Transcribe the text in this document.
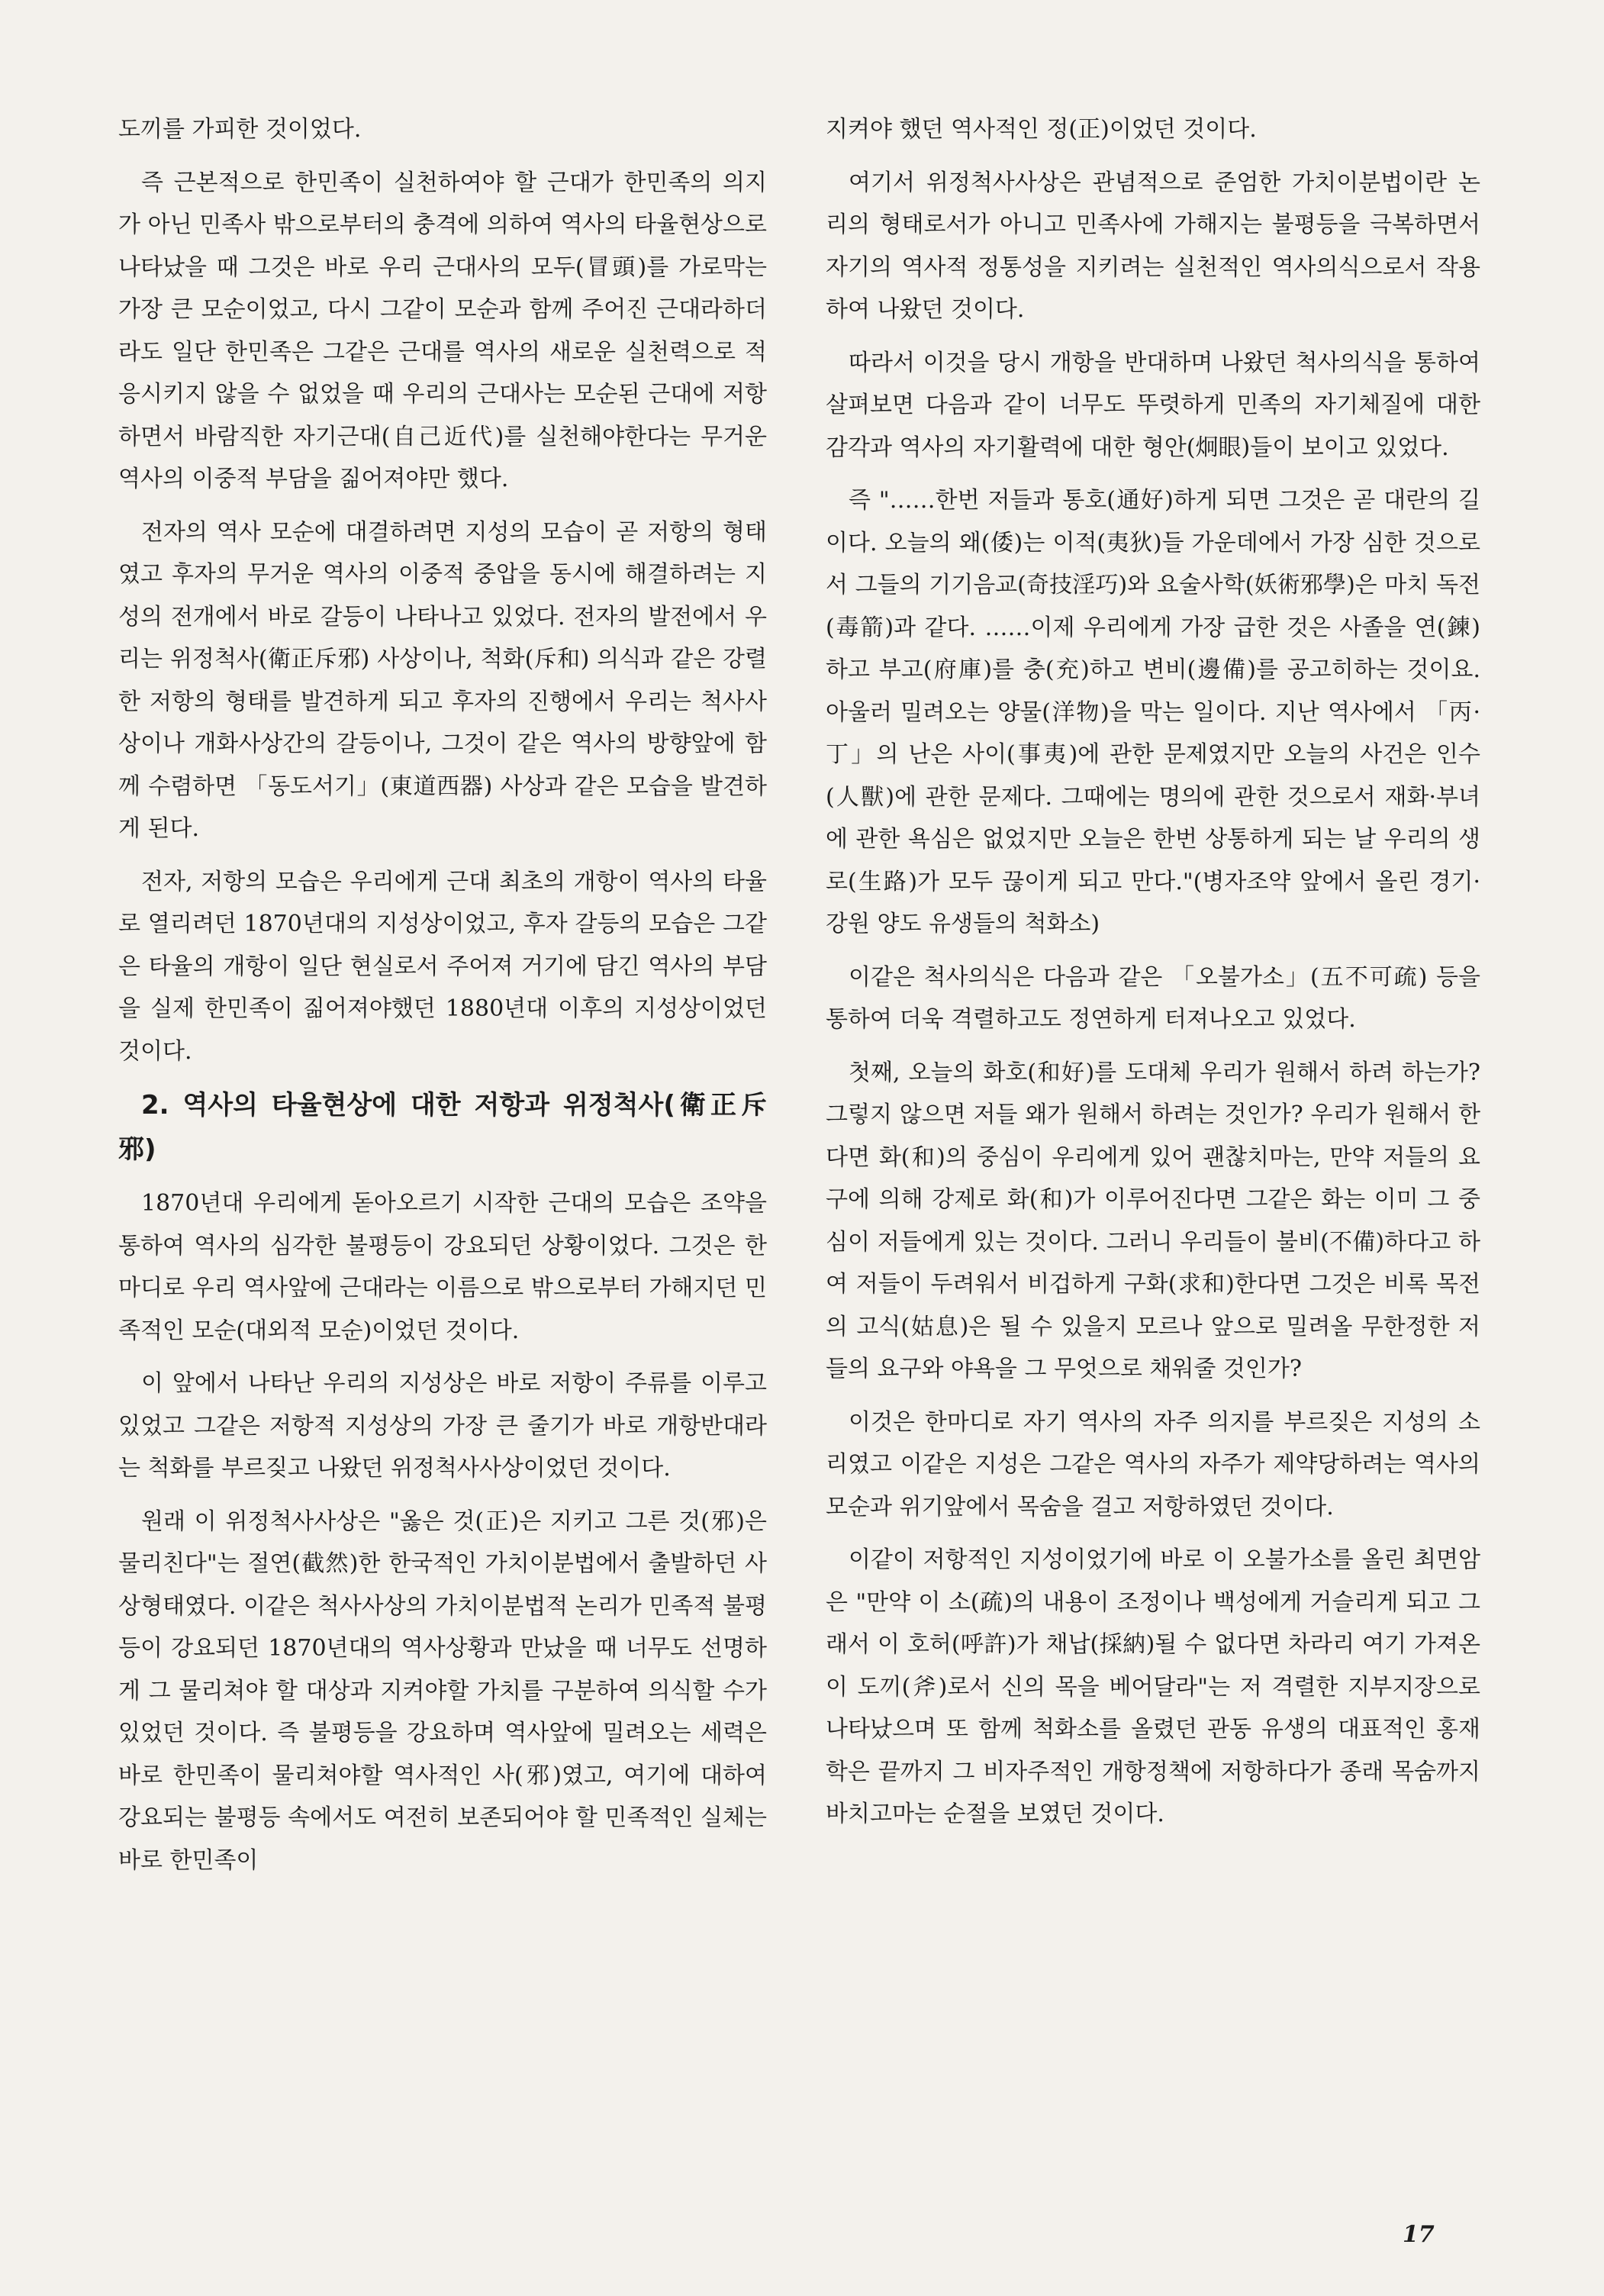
도끼를 가피한 것이었다.

즉 근본적으로 한민족이 실천하여야 할 근대가 한민족의 의지가 아닌 민족사 밖으로부터의 충격에 의하여 역사의 타율현상으로 나타났을 때 그것은 바로 우리 근대사의 모두(冒頭)를 가로막는 가장 큰 모순이었고, 다시 그같이 모순과 함께 주어진 근대라하더라도 일단 한민족은 그같은 근대를 역사의 새로운 실천력으로 적응시키지 않을 수 없었을 때 우리의 근대사는 모순된 근대에 저항하면서 바람직한 자기근대(自己近代)를 실천해야한다는 무거운 역사의 이중적 부담을 짊어져야만 했다.

전자의 역사 모순에 대결하려면 지성의 모습이 곧 저항의 형태였고 후자의 무거운 역사의 이중적 중압을 동시에 해결하려는 지성의 전개에서 바로 갈등이 나타나고 있었다. 전자의 발전에서 우리는 위정척사(衛正斥邪) 사상이나, 척화(斥和) 의식과 같은 강렬한 저항의 형태를 발견하게 되고 후자의 진행에서 우리는 척사사상이나 개화사상간의 갈등이나, 그것이 같은 역사의 방향앞에 함께 수렴하면 「동도서기」(東道西器) 사상과 같은 모습을 발견하게 된다.

전자, 저항의 모습은 우리에게 근대 최초의 개항이 역사의 타율로 열리려던 1870년대의 지성상이었고, 후자 갈등의 모습은 그같은 타율의 개항이 일단 현실로서 주어져 거기에 담긴 역사의 부담을 실제 한민족이 짊어져야했던 1880년대 이후의 지성상이었던 것이다.

2. 역사의 타율현상에 대한 저항과 위정척사(衛正斥邪)

1870년대 우리에게 돋아오르기 시작한 근대의 모습은 조약을 통하여 역사의 심각한 불평등이 강요되던 상황이었다. 그것은 한마디로 우리 역사앞에 근대라는 이름으로 밖으로부터 가해지던 민족적인 모순(대외적 모순)이었던 것이다.

이 앞에서 나타난 우리의 지성상은 바로 저항이 주류를 이루고 있었고 그같은 저항적 지성상의 가장 큰 줄기가 바로 개항반대라는 척화를 부르짖고 나왔던 위정척사사상이었던 것이다.

원래 이 위정척사사상은 "옳은 것(正)은 지키고 그른 것(邪)은 물리친다"는 절연(截然)한 한국적인 가치이분법에서 출발하던 사상형태였다. 이같은 척사사상의 가치이분법적 논리가 민족적 불평등이 강요되던 1870년대의 역사상황과 만났을 때 너무도 선명하게 그 물리쳐야 할 대상과 지켜야할 가치를 구분하여 의식할 수가 있었던 것이다. 즉 불평등을 강요하며 역사앞에 밀려오는 세력은 바로 한민족이 물리쳐야할 역사적인 사(邪)였고, 여기에 대하여 강요되는 불평등 속에서도 여전히 보존되어야 할 민족적인 실체는 바로 한민족이

지켜야 했던 역사적인 정(正)이었던 것이다.

여기서 위정척사사상은 관념적으로 준엄한 가치이분법이란 논리의 형태로서가 아니고 민족사에 가해지는 불평등을 극복하면서 자기의 역사적 정통성을 지키려는 실천적인 역사의식으로서 작용하여 나왔던 것이다.

따라서 이것을 당시 개항을 반대하며 나왔던 척사의식을 통하여 살펴보면 다음과 같이 너무도 뚜렷하게 민족의 자기체질에 대한 감각과 역사의 자기활력에 대한 형안(炯眼)들이 보이고 있었다.

즉 "……한번 저들과 통호(通好)하게 되면 그것은 곧 대란의 길이다. 오늘의 왜(倭)는 이적(夷狄)들 가운데에서 가장 심한 것으로서 그들의 기기음교(奇技淫巧)와 요술사학(妖術邪學)은 마치 독전(毒箭)과 같다. ……이제 우리에게 가장 급한 것은 사졸을 연(鍊)하고 부고(府庫)를 충(充)하고 변비(邊備)를 공고히하는 것이요. 아울러 밀려오는 양물(洋物)을 막는 일이다. 지난 역사에서 「丙·丁」의 난은 사이(事夷)에 관한 문제였지만 오늘의 사건은 인수(人獸)에 관한 문제다. 그때에는 명의에 관한 것으로서 재화·부녀에 관한 욕심은 없었지만 오늘은 한번 상통하게 되는 날 우리의 생로(生路)가 모두 끊이게 되고 만다."(병자조약 앞에서 올린 경기·강원 양도 유생들의 척화소)

이같은 척사의식은 다음과 같은 「오불가소」(五不可疏) 등을 통하여 더욱 격렬하고도 정연하게 터져나오고 있었다.

첫째, 오늘의 화호(和好)를 도대체 우리가 원해서 하려 하는가? 그렇지 않으면 저들 왜가 원해서 하려는 것인가? 우리가 원해서 한다면 화(和)의 중심이 우리에게 있어 괜찮치마는, 만약 저들의 요구에 의해 강제로 화(和)가 이루어진다면 그같은 화는 이미 그 중심이 저들에게 있는 것이다. 그러니 우리들이 불비(不備)하다고 하여 저들이 두려워서 비겁하게 구화(求和)한다면 그것은 비록 목전의 고식(姑息)은 될 수 있을지 모르나 앞으로 밀려올 무한정한 저들의 요구와 야욕을 그 무엇으로 채워줄 것인가?

이것은 한마디로 자기 역사의 자주 의지를 부르짖은 지성의 소리였고 이같은 지성은 그같은 역사의 자주가 제약당하려는 역사의 모순과 위기앞에서 목숨을 걸고 저항하였던 것이다.

이같이 저항적인 지성이었기에 바로 이 오불가소를 올린 최면암은 "만약 이 소(疏)의 내용이 조정이나 백성에게 거슬리게 되고 그래서 이 호허(呼許)가 채납(採納)될 수 없다면 차라리 여기 가져온 이 도끼(斧)로서 신의 목을 베어달라"는 저 격렬한 지부지장으로 나타났으며 또 함께 척화소를 올렸던 관동 유생의 대표적인 홍재학은 끝까지 그 비자주적인 개항정책에 저항하다가 종래 목숨까지 바치고마는 순절을 보였던 것이다.

17
